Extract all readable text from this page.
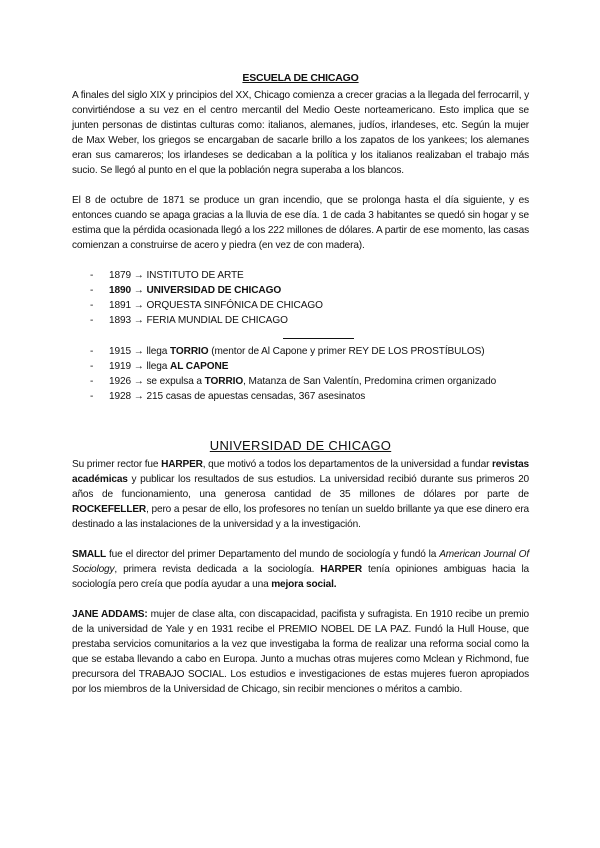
ESCUELA DE CHICAGO

A finales del siglo XIX y principios del XX, Chicago comienza a crecer gracias a la llegada del ferrocarril, y convirtiéndose a su vez en el centro mercantil del Medio Oeste norteamericano. Esto implica que se junten personas de distintas culturas como: italianos, alemanes, judíos, irlandeses, etc. Según la mujer de Max Weber, los griegos se encargaban de sacarle brillo a los zapatos de los yankees; los alemanes eran sus camareros; los irlandeses se dedicaban a la política y los italianos realizaban el trabajo más sucio. Se llegó al punto en el que la población negra superaba a los blancos.

El 8 de octubre de 1871 se produce un gran incendio, que se prolonga hasta el día siguiente, y es entonces cuando se apaga gracias a la lluvia de ese día. 1 de cada 3 habitantes se quedó sin hogar y se estima que la pérdida ocasionada llegó a los 222 millones de dólares. A partir de ese momento, las casas comienzan a construirse de acero y piedra (en vez de con madera).

- 1879 → INSTITUTO DE ARTE
- 1890 → UNIVERSIDAD DE CHICAGO
- 1891 → ORQUESTA SINFÓNICA DE CHICAGO
- 1893 → FERIA MUNDIAL DE CHICAGO
- 1915 → llega TORRIO (mentor de Al Capone y primer REY DE LOS PROSTÍBULOS)
- 1919 → llega AL CAPONE
- 1926 → se expulsa a TORRIO, Matanza de San Valentín, Predomina crimen organizado
- 1928 → 215 casas de apuestas censadas, 367 asesinatos
UNIVERSIDAD DE CHICAGO

Su primer rector fue HARPER, que motivó a todos los departamentos de la universidad a fundar revistas académicas y publicar los resultados de sus estudios. La universidad recibió durante sus primeros 20 años de funcionamiento, una generosa cantidad de 35 millones de dólares por parte de ROCKEFELLER, pero a pesar de ello, los profesores no tenían un sueldo brillante ya que ese dinero era destinado a las instalaciones de la universidad y a la investigación.

SMALL fue el director del primer Departamento del mundo de sociología y fundó la American Journal Of Sociology, primera revista dedicada a la sociología. HARPER tenía opiniones ambiguas hacia la sociología pero creía que podía ayudar a una mejora social.

JANE ADDAMS: mujer de clase alta, con discapacidad, pacifista y sufragista. En 1910 recibe un premio de la universidad de Yale y en 1931 recibe el PREMIO NOBEL DE LA PAZ. Fundó la Hull House, que prestaba servicios comunitarios a la vez que investigaba la forma de realizar una reforma social como la que se estaba llevando a cabo en Europa. Junto a muchas otras mujeres como Mclean y Richmond, fue precursora del TRABAJO SOCIAL. Los estudios e investigaciones de estas mujeres fueron apropiados por los miembros de la Universidad de Chicago, sin recibir menciones o méritos a cambio.
